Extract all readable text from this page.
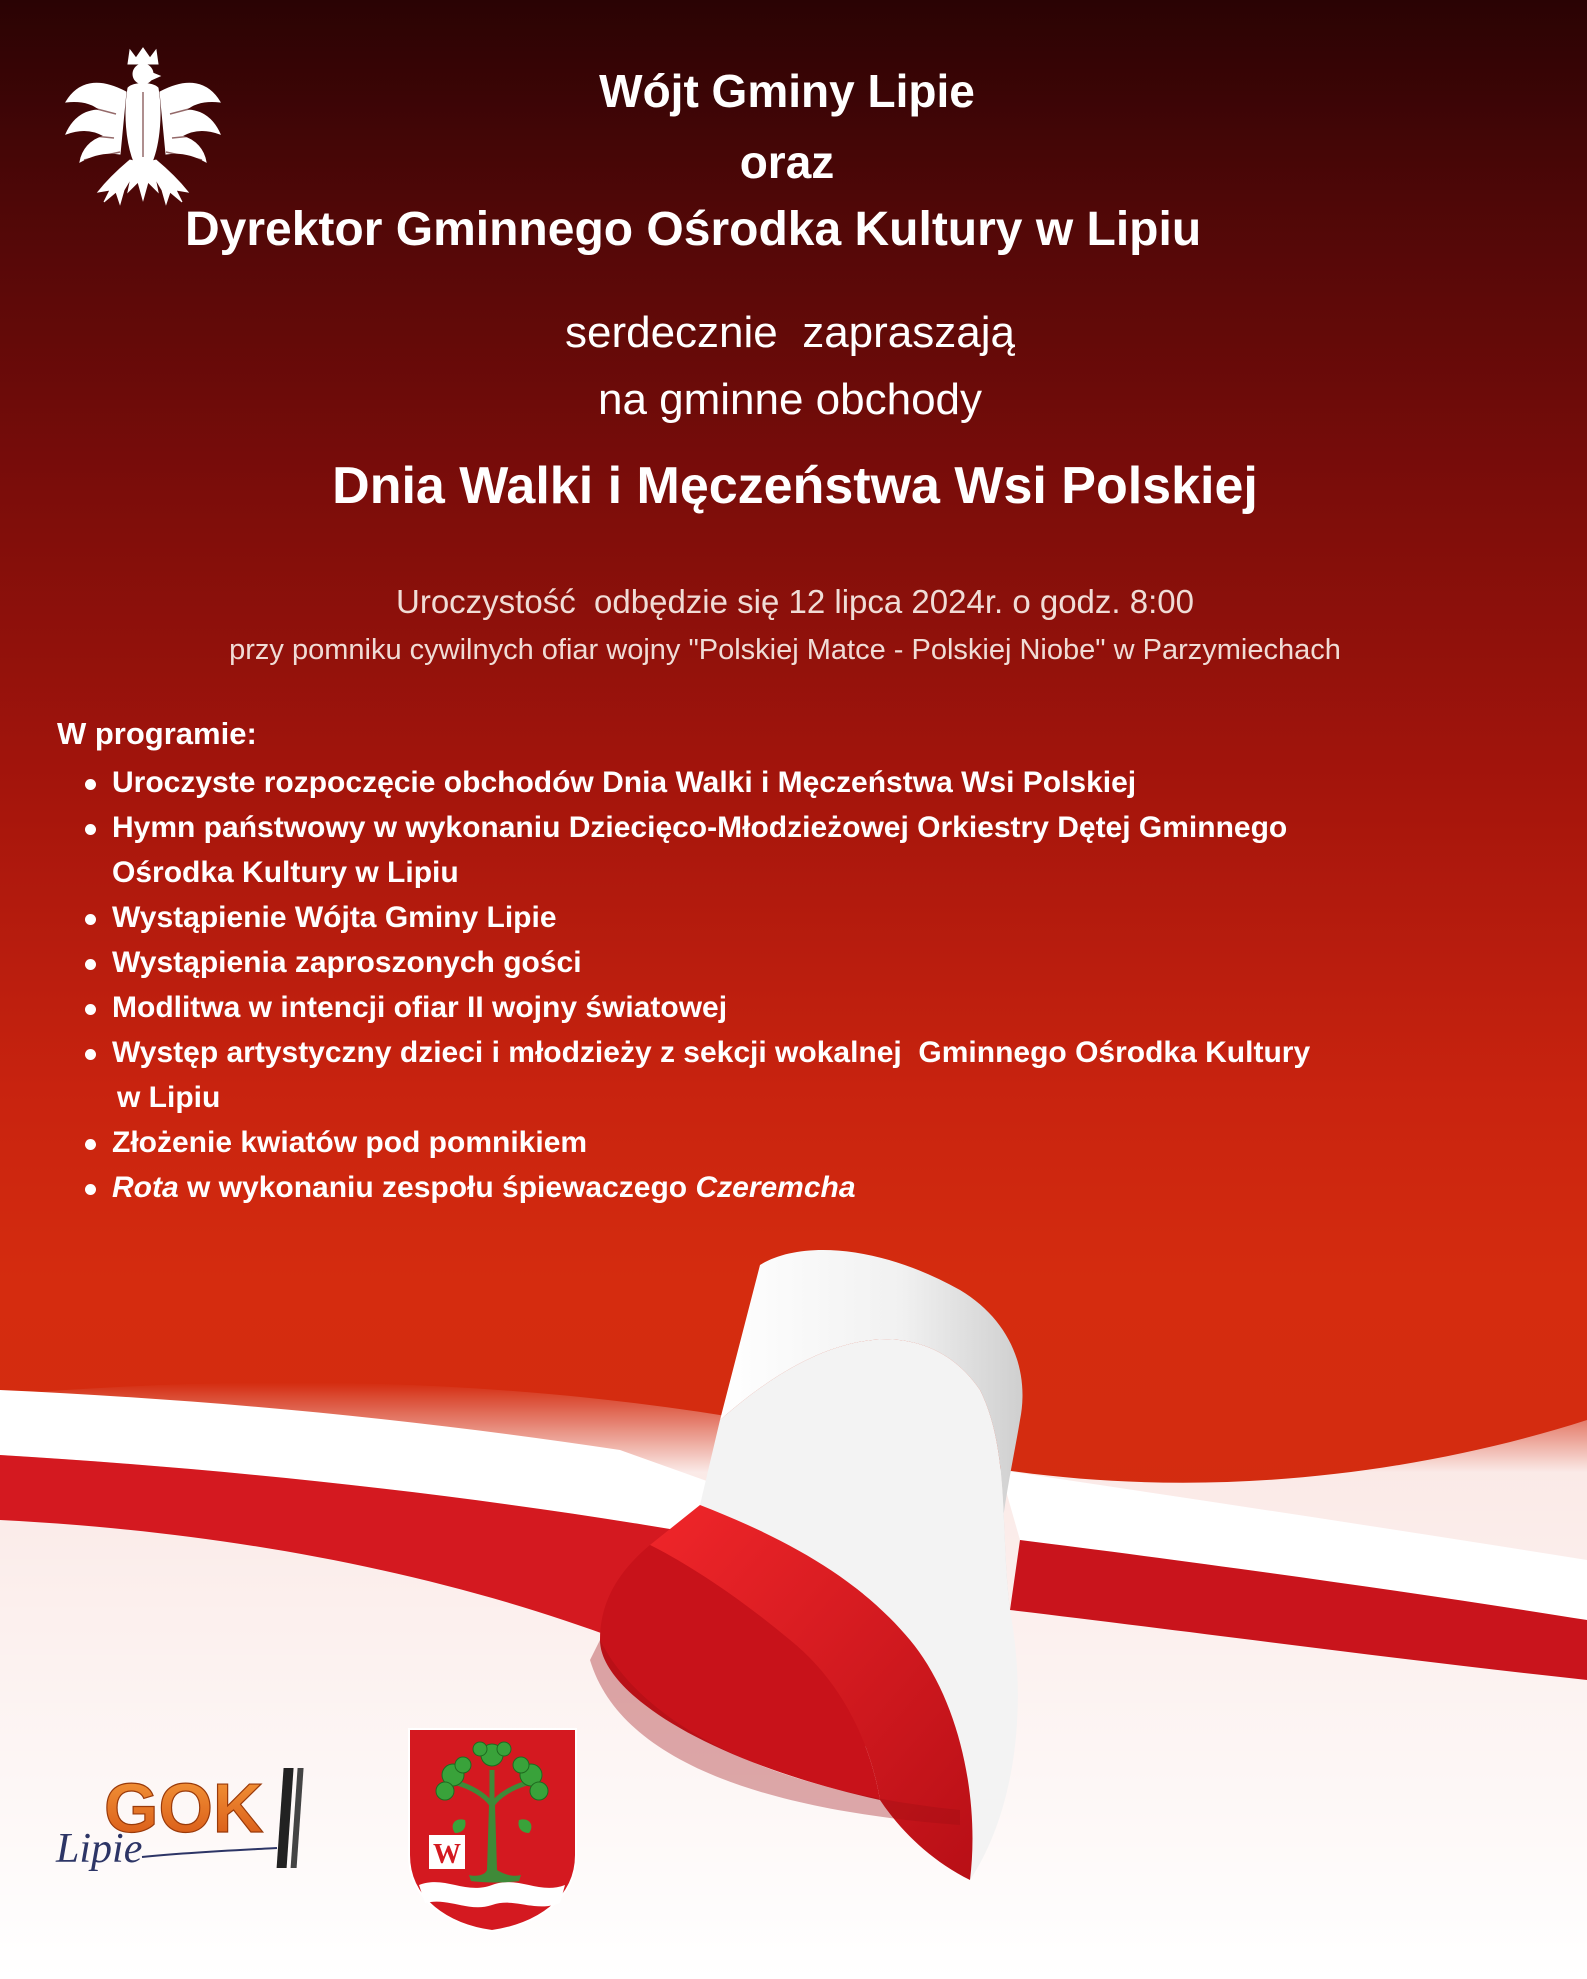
Wójt Gminy Lipie
oraz
Dyrektor Gminnego Ośrodka Kultury w Lipiu
serdecznie  zapraszają
na gminne obchody
Dnia Walki i Męczeństwa Wsi Polskiej
Uroczystość  odbędzie się 12 lipca 2024r. o godz. 8:00
przy pomniku cywilnych ofiar wojny "Polskiej Matce - Polskiej Niobe" w Parzymiechach
W programie:
Uroczyste rozpoczęcie obchodów Dnia Walki i Męczeństwa Wsi Polskiej
Hymn państwowy w wykonaniu Dziecięco-Młodzieżowej Orkiestry Dętej Gminnego
Ośrodka Kultury w Lipiu
Wystąpienie Wójta Gminy Lipie
Wystąpienia zaproszonych gości
Modlitwa w intencji ofiar II wojny światowej
Występ artystyczny dzieci i młodzieży z sekcji wokalnej  Gminnego Ośrodka Kultury
w Lipiu
Złożenie kwiatów pod pomnikiem
Rota w wykonaniu zespołu śpiewaczego Czeremcha
GOK
Lipie	W
